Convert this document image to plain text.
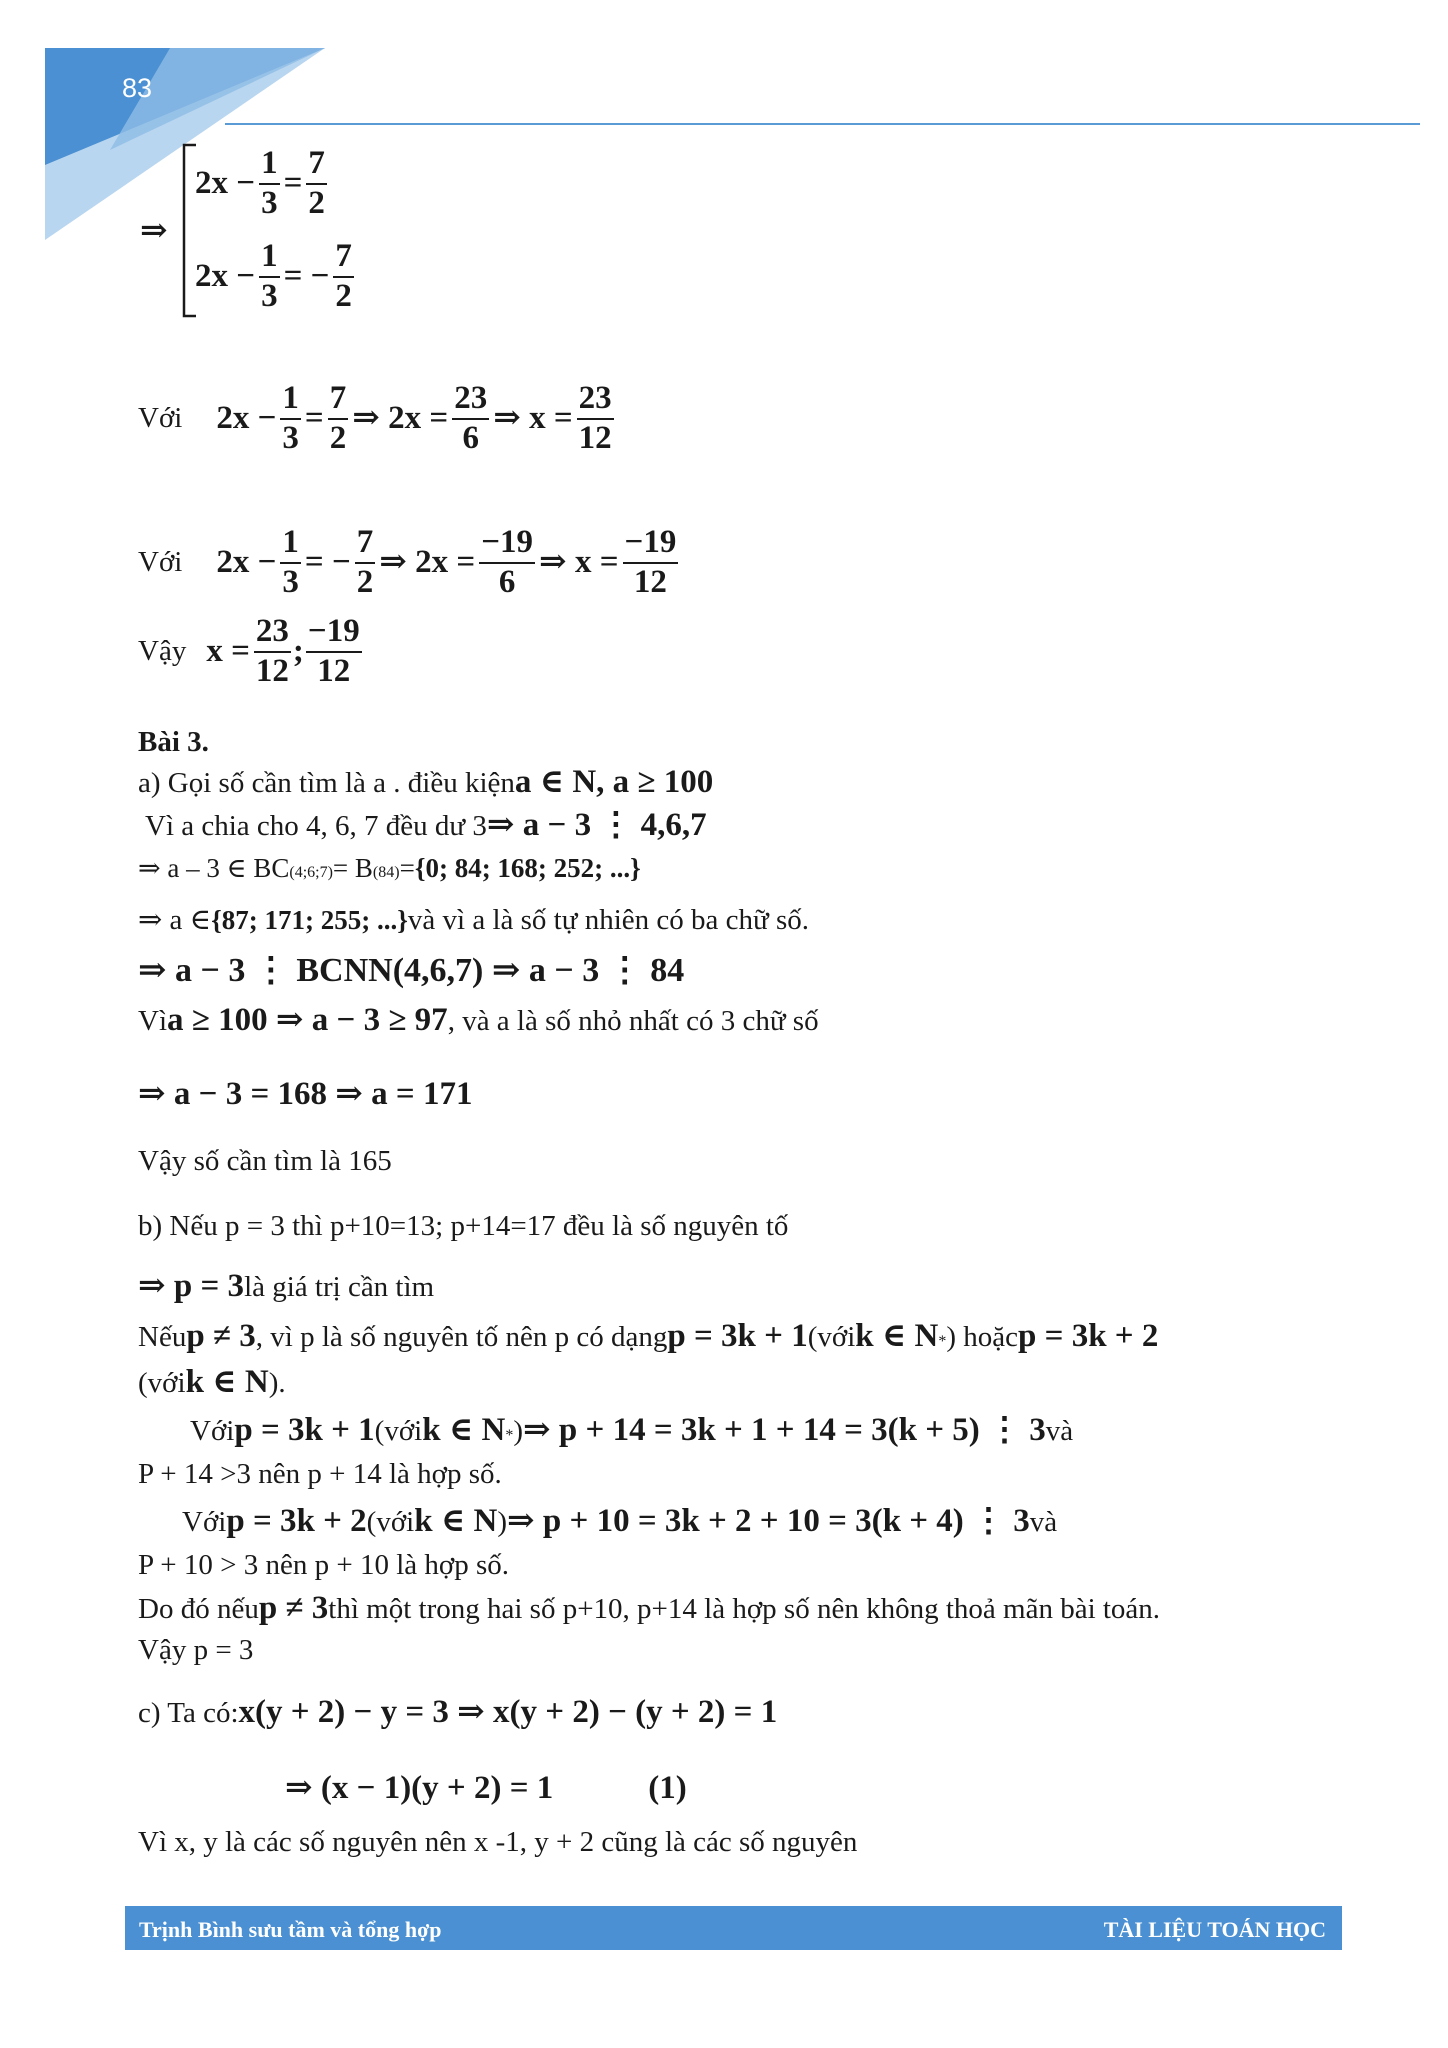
83
⇒
$2x - \frac{1}{3} = \frac{7}{2}$
$2x - \frac{1}{3}$ = − $\frac{7}{2}$
Với $2x - \frac{1}{3} = \frac{7}{2}$ ⇒ $2x = \frac{23}{6}$ ⇒ $x = \frac{23}{12}$
Với $2x - \frac{1}{3}$ = − $\frac{7}{2}$ ⇒ $2x = \frac{-19}{6}$ ⇒ $x = \frac{-19}{12}$
Vậy $x = \frac{23}{12}$ ; $\frac{-19}{12}$
Bài 3.
a) Gọi số cần tìm là a . điều kiện a ∈ N, a ≥ 100
Vì a chia cho 4, 6, 7 đều dư 3 ⇒ a − 3 ⋮ 4,6,7
⇒ a – 3 ∈ BC (4;6;7) = B (84) = {0; 84; 168; 252; ...}
⇒ a ∈ {87; 171; 255; ...} và vì a là số tự nhiên có ba chữ số.
⇒ a − 3 ⋮ BCNN(4,6,7) ⇒ a − 3 ⋮ 84
Vì a ≥ 100 ⇒ a − 3 ≥ 97 , và a là số nhỏ nhất có 3 chữ số
⇒ a − 3 = 168 ⇒ a = 171
Vậy số cần tìm là 165
b) Nếu p = 3 thì p+10=13; p+14=17 đều là số nguyên tố
⇒ p = 3 là giá trị cần tìm
Nếu p ≠ 3 , vì p là số nguyên tố nên p có dạng p = 3k + 1 (với k ∈ N * ) hoặc p = 3k + 2
(với k ∈ N ).
Với p = 3k + 1 (với k ∈ N * ) ⇒ p + 14 = 3k + 1 + 14 = 3(k + 5) ⋮ 3 và
P + 14 >3 nên p + 14 là hợp số.
Với p = 3k + 2 (với k ∈ N ) ⇒ p + 10 = 3k + 2 + 10 = 3(k + 4) ⋮ 3 và
P + 10 > 3 nên p + 10 là hợp số.
Do đó nếu p ≠ 3 thì một trong hai số p+10, p+14 là hợp số nên không thoả mãn bài toán.
Vậy p = 3
c) Ta có: x(y + 2) − y = 3 ⇒ x(y + 2) − (y + 2) = 1
⇒ (x − 1)(y + 2) = 1	(1)
Vì x, y là các số nguyên nên x -1, y + 2 cũng là các số nguyên
Trịnh Bình sưu tầm và tổng hợp	TÀI LIỆU TOÁN HỌC
